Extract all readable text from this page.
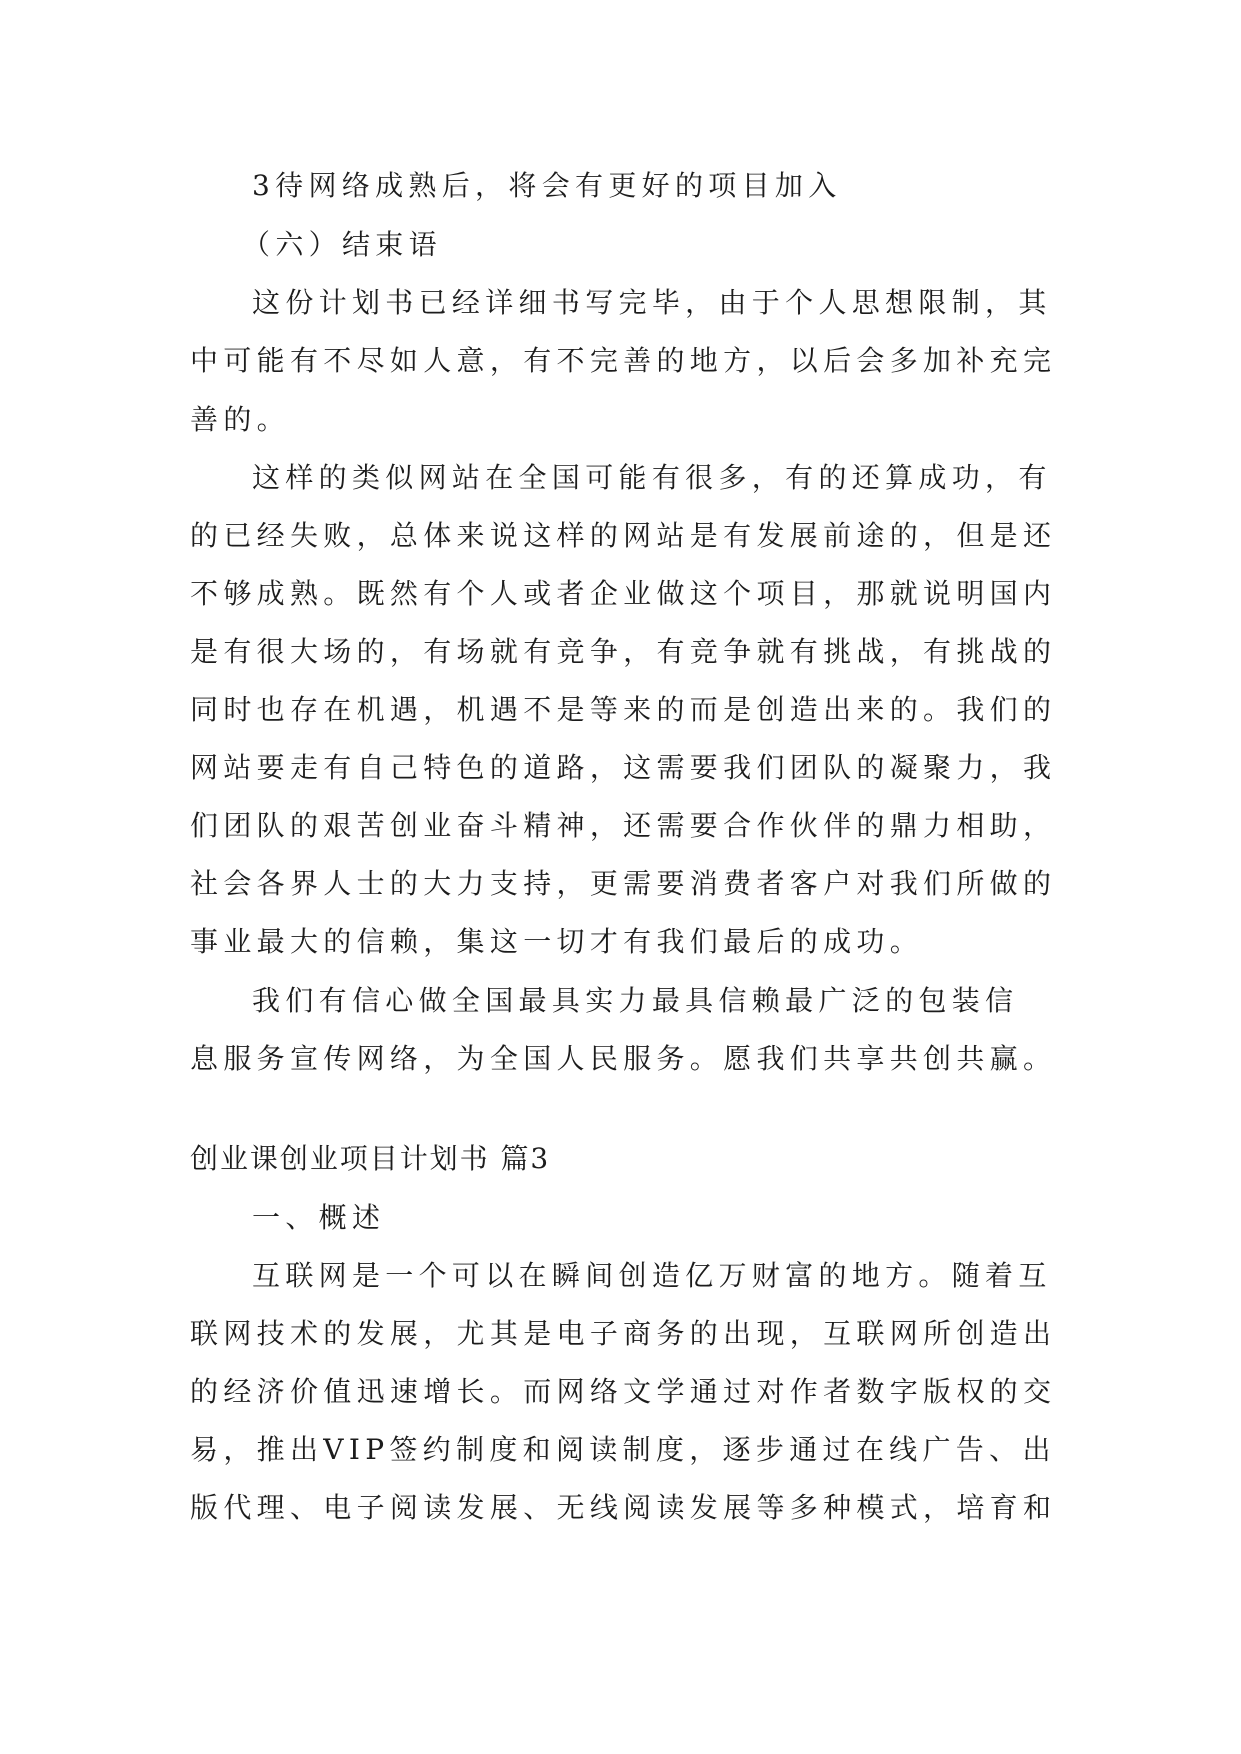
3待网络成熟后，将会有更好的项目加入
（六）结束语
这份计划书已经详细书写完毕，由于个人思想限制，其
中可能有不尽如人意，有不完善的地方，以后会多加补充完
善的。
这样的类似网站在全国可能有很多，有的还算成功，有
的已经失败，总体来说这样的网站是有发展前途的，但是还
不够成熟。既然有个人或者企业做这个项目，那就说明国内
是有很大场的，有场就有竞争，有竞争就有挑战，有挑战的
同时也存在机遇，机遇不是等来的而是创造出来的。我们的
网站要走有自己特色的道路，这需要我们团队的凝聚力，我
们团队的艰苦创业奋斗精神，还需要合作伙伴的鼎力相助，
社会各界人士的大力支持，更需要消费者客户对我们所做的
事业最大的信赖，集这一切才有我们最后的成功。
我们有信心做全国最具实力最具信赖最广泛的包装信
息服务宣传网络，为全国人民服务。愿我们共享共创共赢。
创业课创业项目计划书 篇3
一、概述
互联网是一个可以在瞬间创造亿万财富的地方。随着互
联网技术的发展，尤其是电子商务的出现，互联网所创造出
的经济价值迅速增长。而网络文学通过对作者数字版权的交
易，推出VIP签约制度和阅读制度，逐步通过在线广告、出
版代理、电子阅读发展、无线阅读发展等多种模式，培育和
